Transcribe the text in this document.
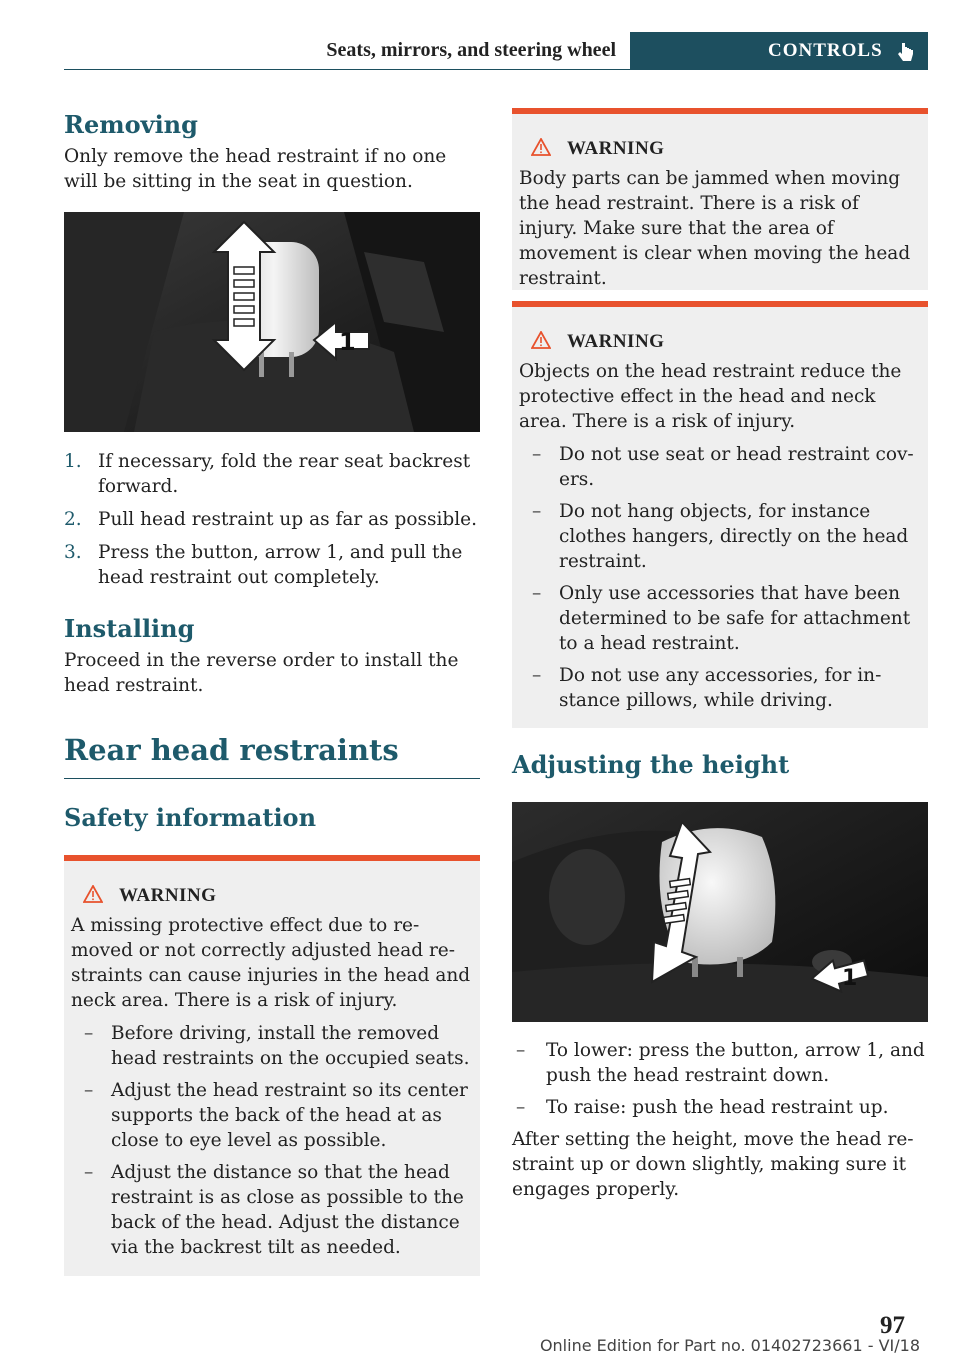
Seats, mirrors, and steering wheel	CONTROLS
Removing

Only remove the head restraint if no one will be sitting in the seat in question.

1
1. If necessary, fold the rear seat backrest forward.
2. Pull head restraint up as far as possible.
3. Press the button, arrow 1, and pull the head restraint out completely.
Installing

Proceed in the reverse order to install the head restraint.

Rear head restraints
Safety information
WARNING

A missing protective effect due to re-moved or not correctly adjusted head re-straints can cause injuries in the head and neck area. There is a risk of injury.

– Before driving, install the removed head restraints on the occupied seats.
– Adjust the head restraint so its center supports the back of the head at as close to eye level as possible.
– Adjust the distance so that the head restraint is as close as possible to the back of the head. Adjust the distance via the backrest tilt as needed.
WARNING

Body parts can be jammed when moving the head restraint. There is a risk of injury. Make sure that the area of movement is clear when moving the head restraint.

WARNING

Objects on the head restraint reduce the protective effect in the head and neck area. There is a risk of injury.

– Do not use seat or head restraint cov-ers.
– Do not hang objects, for instance clothes hangers, directly on the head restraint.
– Only use accessories that have been determined to be safe for attachment to a head restraint.
– Do not use any accessories, for in-stance pillows, while driving.
Adjusting the height
1
– To lower: press the button, arrow 1, and push the head restraint down.
– To raise: push the head restraint up.

After setting the height, move the head re-straint up or down slightly, making sure it engages properly.

97
Online Edition for Part no. 01402723661 - VI/18
